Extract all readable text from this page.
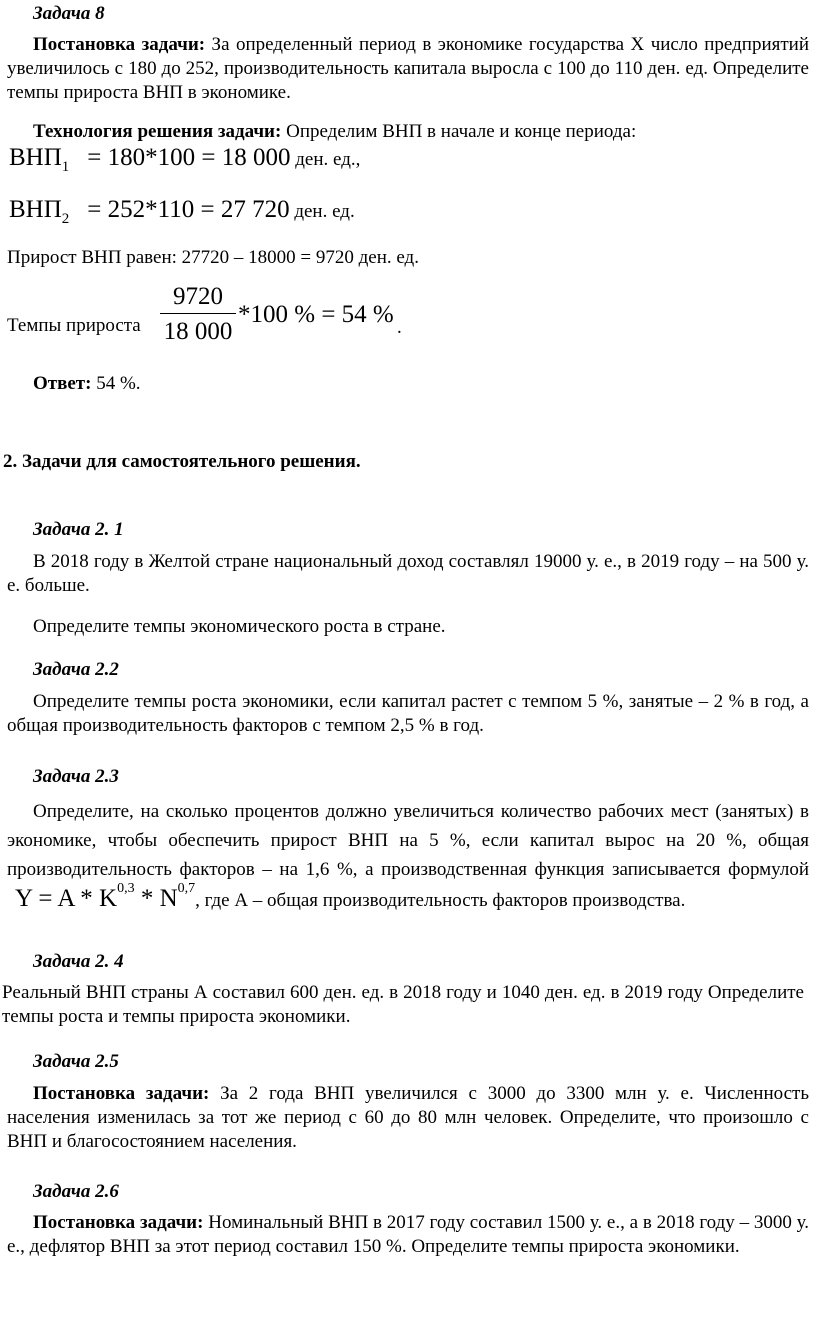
Задача 8
Постановка задачи: За определенный период в экономике государства Х число предприятий увеличилось с 180 до 252, производительность капитала выросла с 100 до 110 ден. ед. Определите темпы прироста ВНП в экономике.
Технология решения задачи: Определим ВНП в начале и конце периода:
$ВНП_1 = 180*100 = 18$ 000 ден. ед.,
$ВНП_2 = 252*110 = 27$ 720 ден. ед.
Прирост ВНП равен: 27720 – 18000 = 9720 ден. ед.
Темпы прироста
9720
18 000
*100 % = 54 % .
Ответ: 54 %.
2. Задачи для самостоятельного решения.
Задача 2. 1
В 2018 году в Желтой стране национальный доход составлял 19000 у. е., в 2019 году – на 500 у. е. больше.
Определите темпы экономического роста в стране.
Задача 2.2
Определите темпы роста экономики, если капитал растет с темпом 5 %, занятые – 2 % в год, а общая производительность факторов с темпом 2,5 % в год.
Задача 2.3
Определите, на сколько процентов должно увеличиться количество рабочих мест (занятых) в экономике, чтобы обеспечить прирост ВНП на 5 %, если капитал вырос на 20 %, общая производительность факторов – на 1,6 %, а производственная функция записывается формулой Y = A * K$^{0,3}$ * N$^{0,7}$, где А – общая производительность факторов производства.
Задача 2. 4
Реальный ВНП страны А составил 600 ден. ед. в 2018 году и 1040 ден. ед. в 2019 году Определите темпы роста и темпы прироста экономики.
Задача 2.5
Постановка задачи: За 2 года ВНП увеличился с 3000 до 3300 млн у. е. Численность населения изменилась за тот же период с 60 до 80 млн человек. Определите, что произошло с ВНП и благосостоянием населения.
Задача 2.6
Постановка задачи: Номинальный ВНП в 2017 году составил 1500 у. е., а в 2018 году – 3000 у. е., дефлятор ВНП за этот период составил 150 %. Определите темпы прироста экономики.
